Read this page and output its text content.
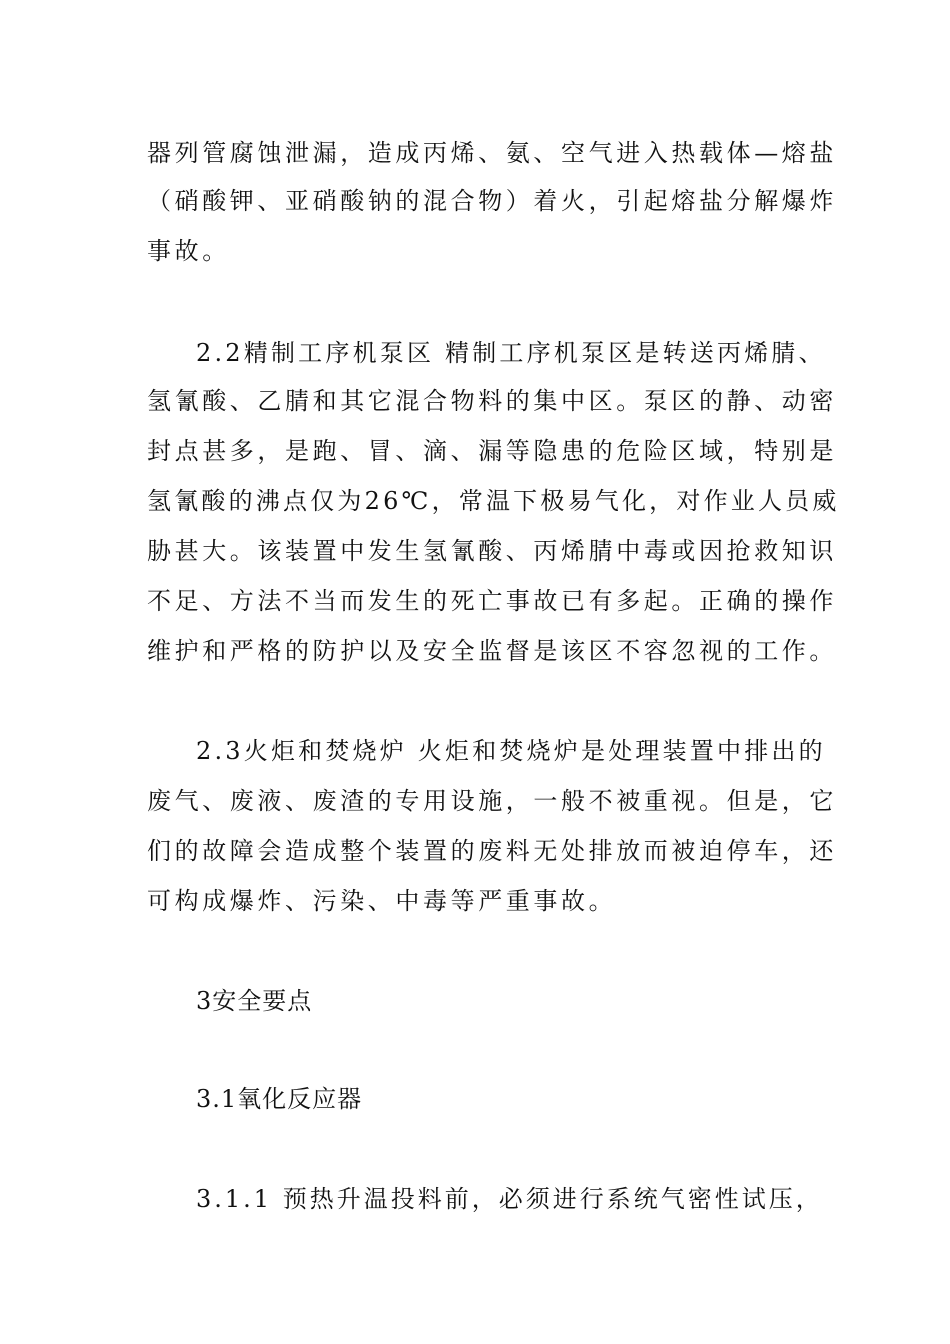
器列管腐蚀泄漏，造成丙烯、氨、空气进入热载体—熔盐
（硝酸钾、亚硝酸钠的混合物）着火，引起熔盐分解爆炸
事故。
2.2精制工序机泵区 精制工序机泵区是转送丙烯腈、
氢氰酸、乙腈和其它混合物料的集中区。泵区的静、动密
封点甚多，是跑、冒、滴、漏等隐患的危险区域，特别是
氢氰酸的沸点仅为26℃，常温下极易气化，对作业人员威
胁甚大。该装置中发生氢氰酸、丙烯腈中毒或因抢救知识
不足、方法不当而发生的死亡事故已有多起。正确的操作
维护和严格的防护以及安全监督是该区不容忽视的工作。
2.3火炬和焚烧炉 火炬和焚烧炉是处理装置中排出的
废气、废液、废渣的专用设施，一般不被重视。但是，它
们的故障会造成整个装置的废料无处排放而被迫停车，还
可构成爆炸、污染、中毒等严重事故。
3安全要点
3.1氧化反应器
3.1.1 预热升温投料前，必须进行系统气密性试压，
